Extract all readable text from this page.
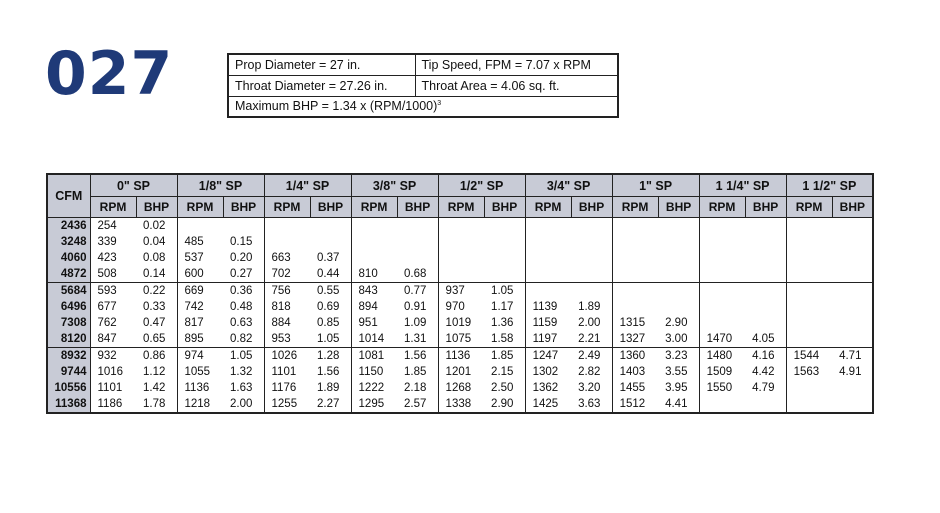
027	Prop Diameter = 27 in.	Tip Speed, FPM = 7.07 x RPM
Throat Diameter = 27.26 in.	Throat Area = 4.06 sq. ft.
Maximum BHP = 1.34 x $(RPM/1000)^3$
CFM	0" SP		1/8" SP		1/4" SP		3/8" SP		1/2" SP		3/4" SP		1" SP		1 1/4" SP		1 1/2" SP	
	RPM	BHP	RPM	BHP	RPM	BHP	RPM	BHP	RPM	BHP	RPM	BHP	RPM	BHP	RPM	BHP	RPM	BHP
2436	254	0.02																
3248	339	0.04	485	0.15														
4060	423	0.08	537	0.20	663	0.37												
4872	508	0.14	600	0.27	702	0.44	810	0.68										
5684	593	0.22	669	0.36	756	0.55	843	0.77	937	1.05								
6496	677	0.33	742	0.48	818	0.69	894	0.91	970	1.17	1139	1.89						
7308	762	0.47	817	0.63	884	0.85	951	1.09	1019	1.36	1159	2.00	1315	2.90				
8120	847	0.65	895	0.82	953	1.05	1014	1.31	1075	1.58	1197	2.21	1327	3.00	1470	4.05		
8932	932	0.86	974	1.05	1026	1.28	1081	1.56	1136	1.85	1247	2.49	1360	3.23	1480	4.16	1544	4.71
9744	1016	1.12	1055	1.32	1101	1.56	1150	1.85	1201	2.15	1302	2.82	1403	3.55	1509	4.42	1563	4.91
10556	1101	1.42	1136	1.63	1176	1.89	1222	2.18	1268	2.50	1362	3.20	1455	3.95	1550	4.79		
11368	1186	1.78	1218	2.00	1255	2.27	1295	2.57	1338	2.90	1425	3.63	1512	4.41				
